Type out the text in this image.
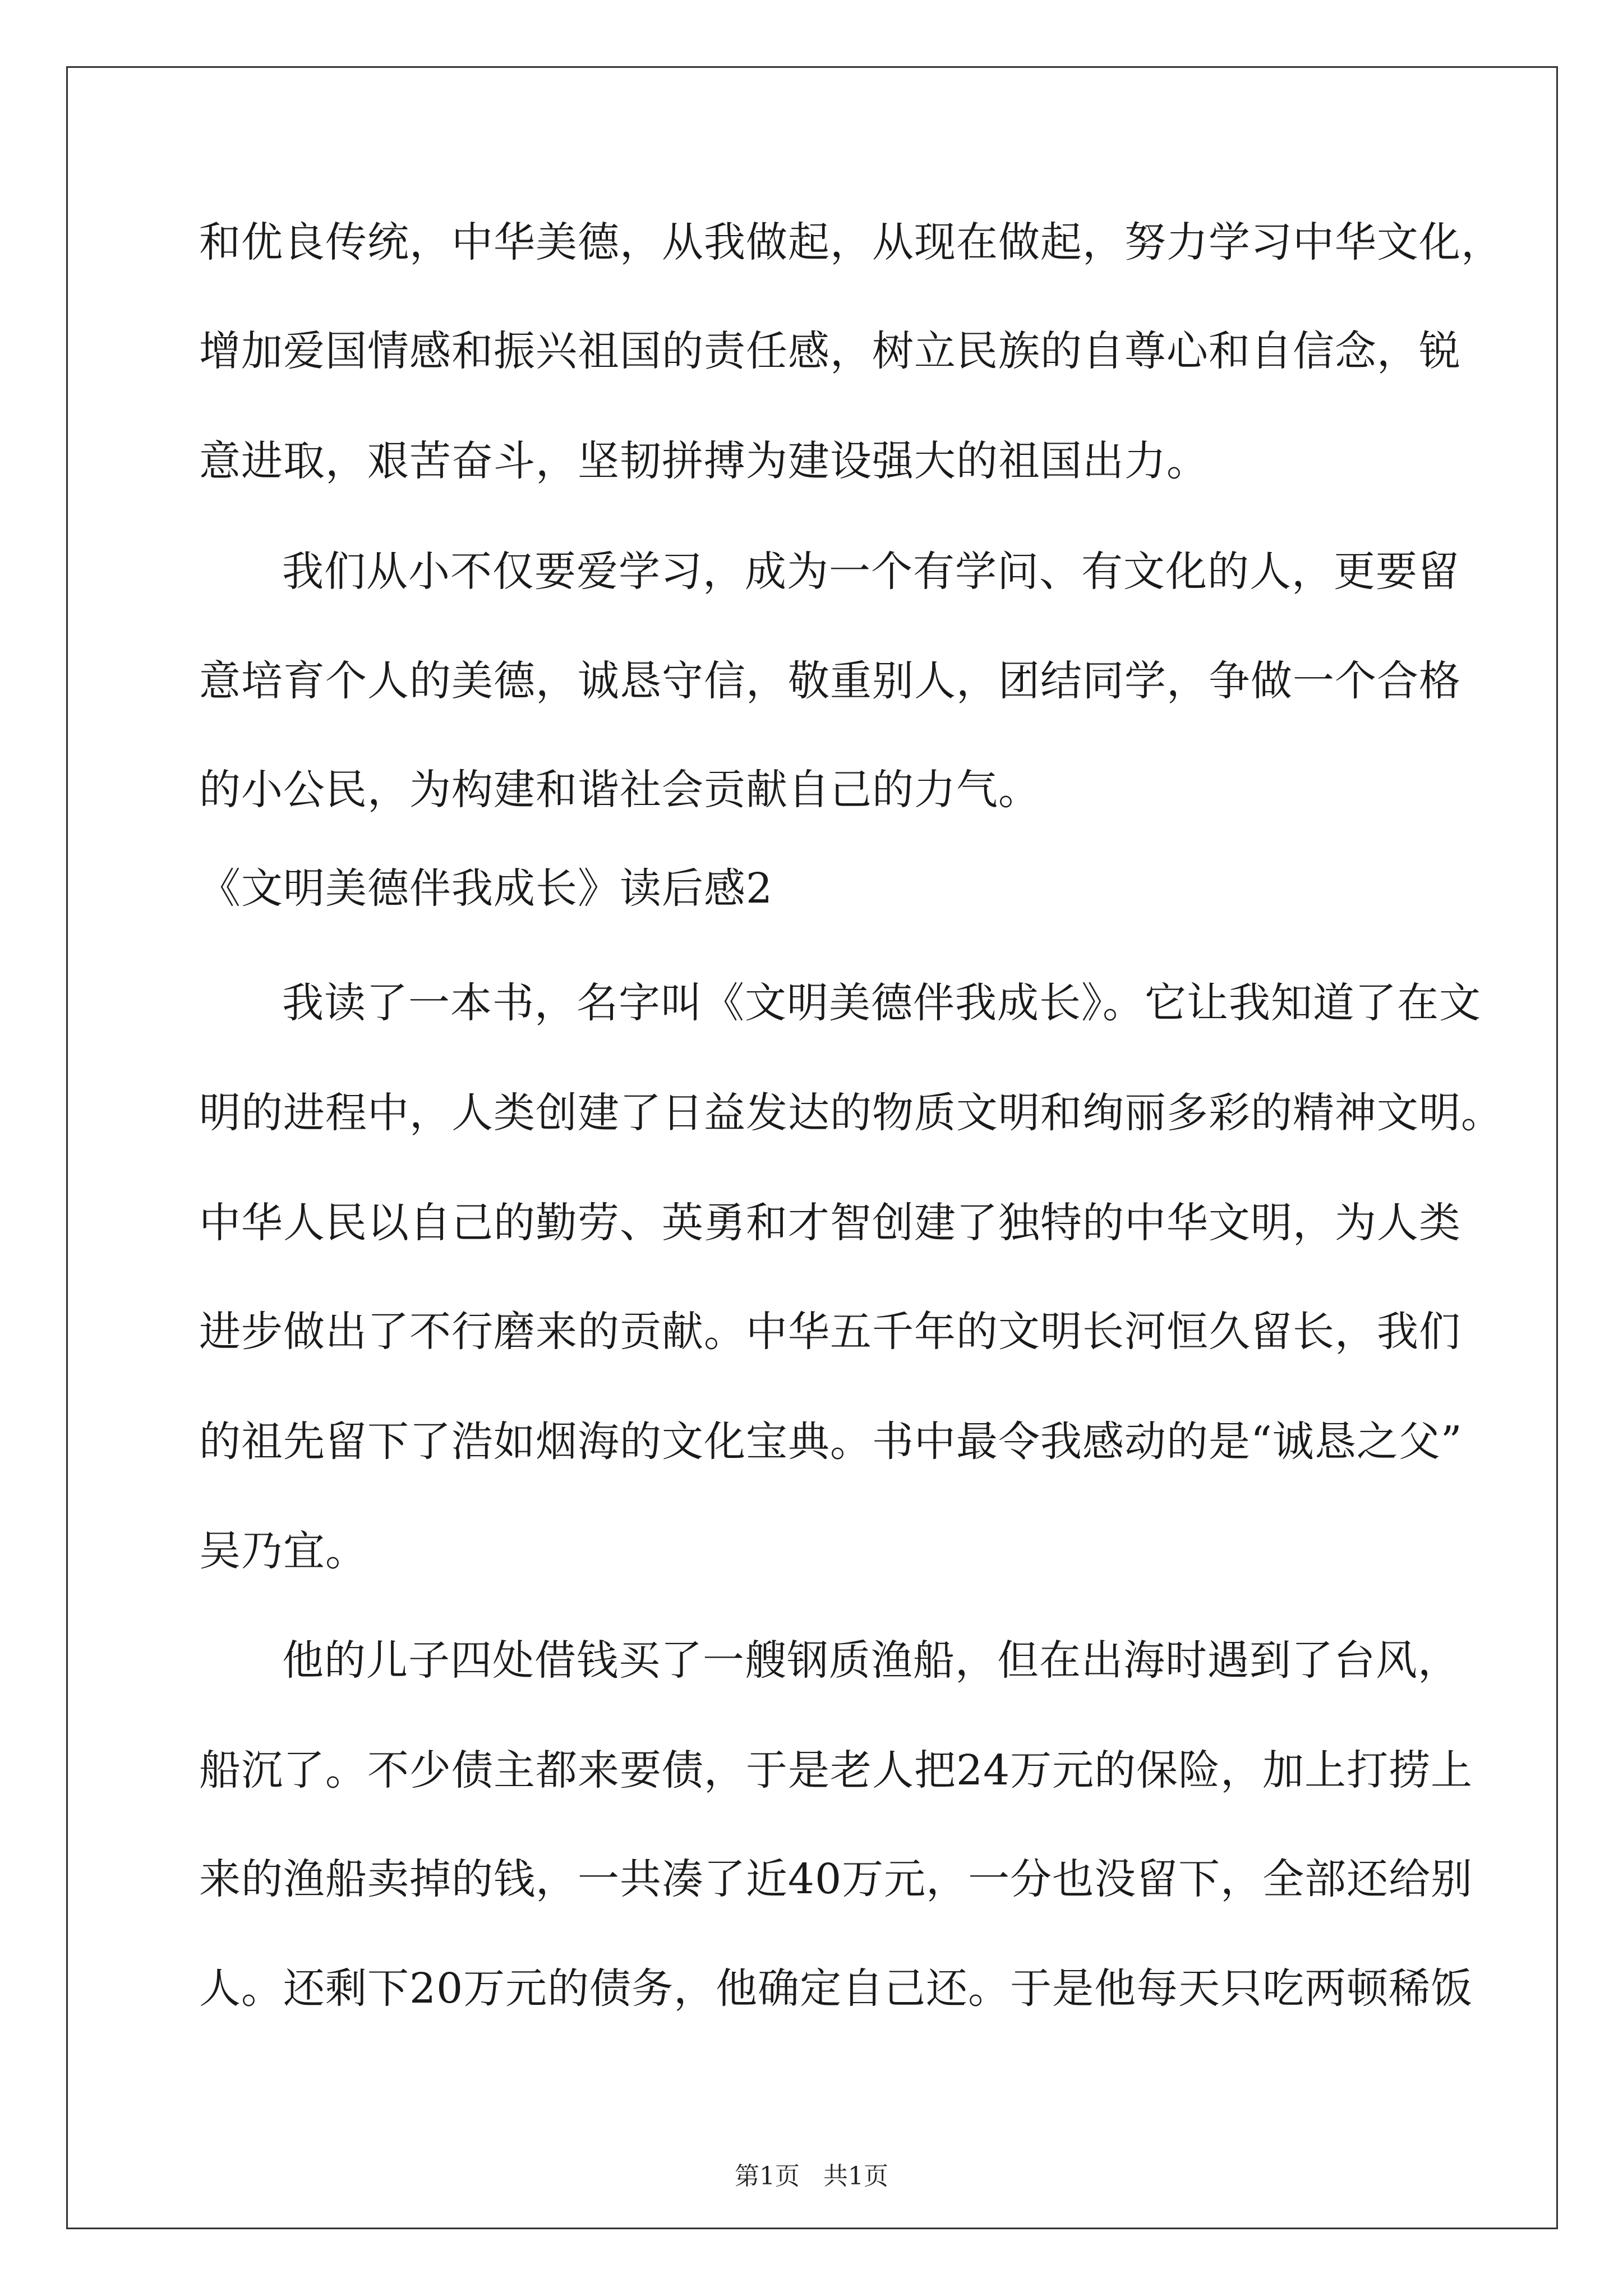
和优良传统，中华美德，从我做起，从现在做起，努力学习中华文化，
增加爱国情感和振兴祖国的责任感，树立民族的自尊心和自信念，锐
意进取，艰苦奋斗，坚韧拼搏为建设强大的祖国出力。
我们从小不仅要爱学习，成为一个有学问、有文化的人，更要留
意培育个人的美德，诚恳守信，敬重别人，团结同学，争做一个合格
的小公民，为构建和谐社会贡献自己的力气。
《文明美德伴我成长》读后感2
我读了一本书，名字叫《文明美德伴我成长》。它让我知道了在文
明的进程中，人类创建了日益发达的物质文明和绚丽多彩的精神文明。
中华人民以自己的勤劳、英勇和才智创建了独特的中华文明，为人类
进步做出了不行磨来的贡献。中华五千年的文明长河恒久留长，我们
的祖先留下了浩如烟海的文化宝典。书中最令我感动的是“诚恳之父”
吴乃宜。
他的儿子四处借钱买了一艘钢质渔船，但在出海时遇到了台风，
船沉了。不少债主都来要债，于是老人把24万元的保险，加上打捞上
来的渔船卖掉的钱，一共凑了近40万元，一分也没留下，全部还给别
人。还剩下20万元的债务，他确定自己还。于是他每天只吃两顿稀饭
第1页 共1页
